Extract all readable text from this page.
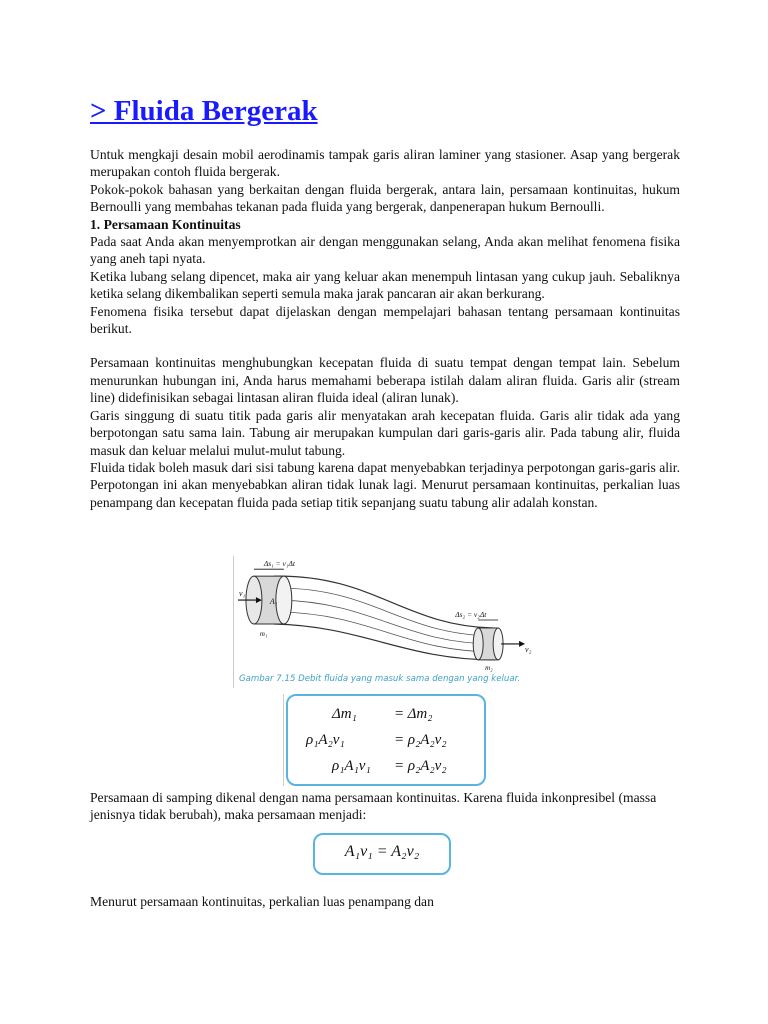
> Fluida Bergerak

Untuk mengkaji desain mobil aerodinamis tampak garis aliran laminer yang stasioner. Asap yang bergerak merupakan contoh fluida bergerak.

Pokok-pokok bahasan yang berkaitan dengan fluida bergerak, antara lain, persamaan kontinuitas, hukum Bernoulli yang membahas tekanan pada fluida yang bergerak, danpenerapan hukum Bernoulli.

1. Persamaan Kontinuitas

Pada saat Anda akan menyemprotkan air dengan menggunakan selang, Anda akan melihat fenomena fisika yang aneh tapi nyata.

Ketika lubang selang dipencet, maka air yang keluar akan menempuh lintasan yang cukup jauh. Sebaliknya ketika selang dikembalikan seperti semula maka jarak pancaran air akan berkurang.

Fenomena fisika tersebut dapat dijelaskan dengan mempelajari bahasan tentang persamaan kontinuitas berikut.

Persamaan kontinuitas menghubungkan kecepatan fluida di suatu tempat dengan tempat lain. Sebelum menurunkan hubungan ini, Anda harus memahami beberapa istilah dalam aliran fluida. Garis alir (stream line) didefinisikan sebagai lintasan aliran fluida ideal (aliran lunak).

Garis singgung di suatu titik pada garis alir menyatakan arah kecepatan fluida. Garis alir tidak ada yang berpotongan satu sama lain. Tabung air merupakan kumpulan dari garis-garis alir. Pada tabung alir, fluida masuk dan keluar melalui mulut-mulut tabung.

Fluida tidak boleh masuk dari sisi tabung karena dapat menyebabkan terjadinya perpotongan garis-garis alir. Perpotongan ini akan menyebabkan aliran tidak lunak lagi. Menurut persamaan kontinuitas, perkalian luas penampang dan kecepatan fluida pada setiap titik sepanjang suatu tabung alir adalah konstan.

Δs₁ = v₁Δt
Δs₂ = v₂Δt
v₁
v₂
A₁
m₁
m₂
Gambar 7.15 Debit fluida yang masuk sama dengan yang keluar.
Δm₁ = Δm₂
ρ₁A₂v₁	= ρ₂A₂v₂
ρ₁A₁v₁ = ρ₂A₂v₂

Persamaan di samping dikenal dengan nama persamaan kontinuitas. Karena fluida inkonpresibel (massa jenisnya tidak berubah), maka persamaan menjadi:

A₁v₁ = A₂v₂

Menurut persamaan kontinuitas, perkalian luas penampang dan
